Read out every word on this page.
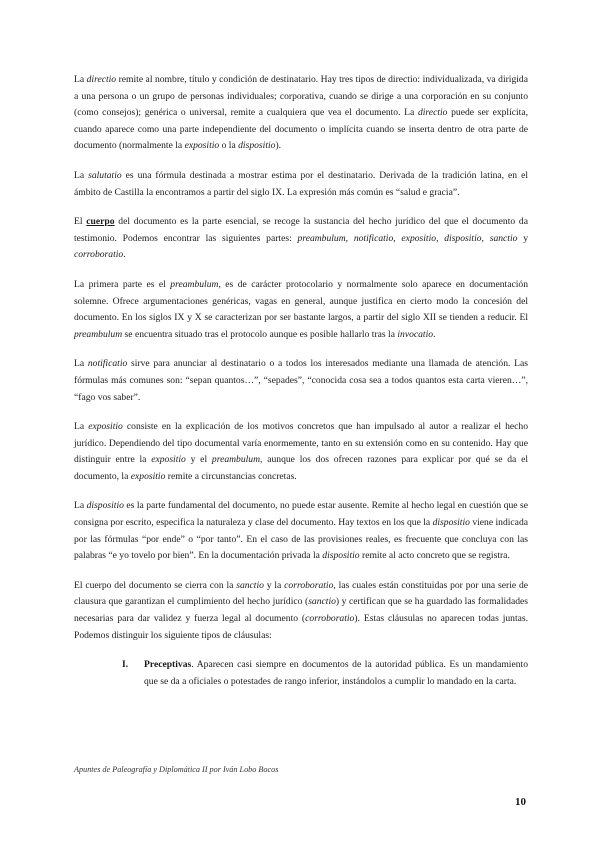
La directio remite al nombre, título y condición de destinatario. Hay tres tipos de directio: individualizada, va dirigida a una persona o un grupo de personas individuales; corporativa, cuando se dirige a una corporación en su conjunto (como consejos); genérica o universal, remite a cualquiera que vea el documento. La directio puede ser explícita, cuando aparece como una parte independiente del documento o implícita cuando se inserta dentro de otra parte de documento (normalmente la expositio o la dispositio).

La salutatio es una fórmula destinada a mostrar estima por el destinatario. Derivada de la tradición latina, en el ámbito de Castilla la encontramos a partir del siglo IX. La expresión más común es “salud e gracia”.

El cuerpo del documento es la parte esencial, se recoge la sustancia del hecho jurídico del que el documento da testimonio. Podemos encontrar las siguientes partes: preambulum, notificatio, expositio, dispositio, sanctio y corroboratio.

La primera parte es el preambulum, es de carácter protocolario y normalmente solo aparece en documentación solemne. Ofrece argumentaciones genéricas, vagas en general, aunque justifica en cierto modo la concesión del documento. En los siglos IX y X se caracterizan por ser bastante largos, a partir del siglo XII se tienden a reducir. El preambulum se encuentra situado tras el protocolo aunque es posible hallarlo tras la invocatio.

La notificatio sirve para anunciar al destinatario o a todos los interesados mediante una llamada de atención. Las fórmulas más comunes son: “sepan quantos…”, “sepades”, “conocida cosa sea a todos quantos esta carta vieren…”, “fago vos saber”.

La expositio consiste en la explicación de los motivos concretos que han impulsado al autor a realizar el hecho jurídico. Dependiendo del tipo documental varía enormemente, tanto en su extensión como en su contenido. Hay que distinguir entre la expositio y el preambulum, aunque los dos ofrecen razones para explicar por qué se da el documento, la expositio remite a circunstancias concretas.

La dispositio es la parte fundamental del documento, no puede estar ausente. Remite al hecho legal en cuestión que se consigna por escrito, especifica la naturaleza y clase del documento. Hay textos en los que la dispositio viene indicada por las fórmulas “por ende” o “por tanto”. En el caso de las provisiones reales, es frecuente que concluya con las palabras “e yo tovelo por bien”. En la documentación privada la dispositio remite al acto concreto que se registra.

El cuerpo del documento se cierra con la sanctio y la corroboratio, las cuales están constituidas por por una serie de clausura que garantizan el cumplimiento del hecho jurídico (sanctio) y certifican que se ha guardado las formalidades necesarias para dar validez y fuerza legal al documento (corroboratio). Estas cláusulas no aparecen todas juntas. Podemos distinguir los siguiente tipos de cláusulas:

I.	Preceptivas. Aparecen casi siempre en documentos de la autoridad pública. Es un mandamiento que se da a oficiales o potestades de rango inferior, instándolos a cumplir lo mandado en la carta.
Apuntes de Paleografía y Diplomática II por Iván Lobo Bocos
10
